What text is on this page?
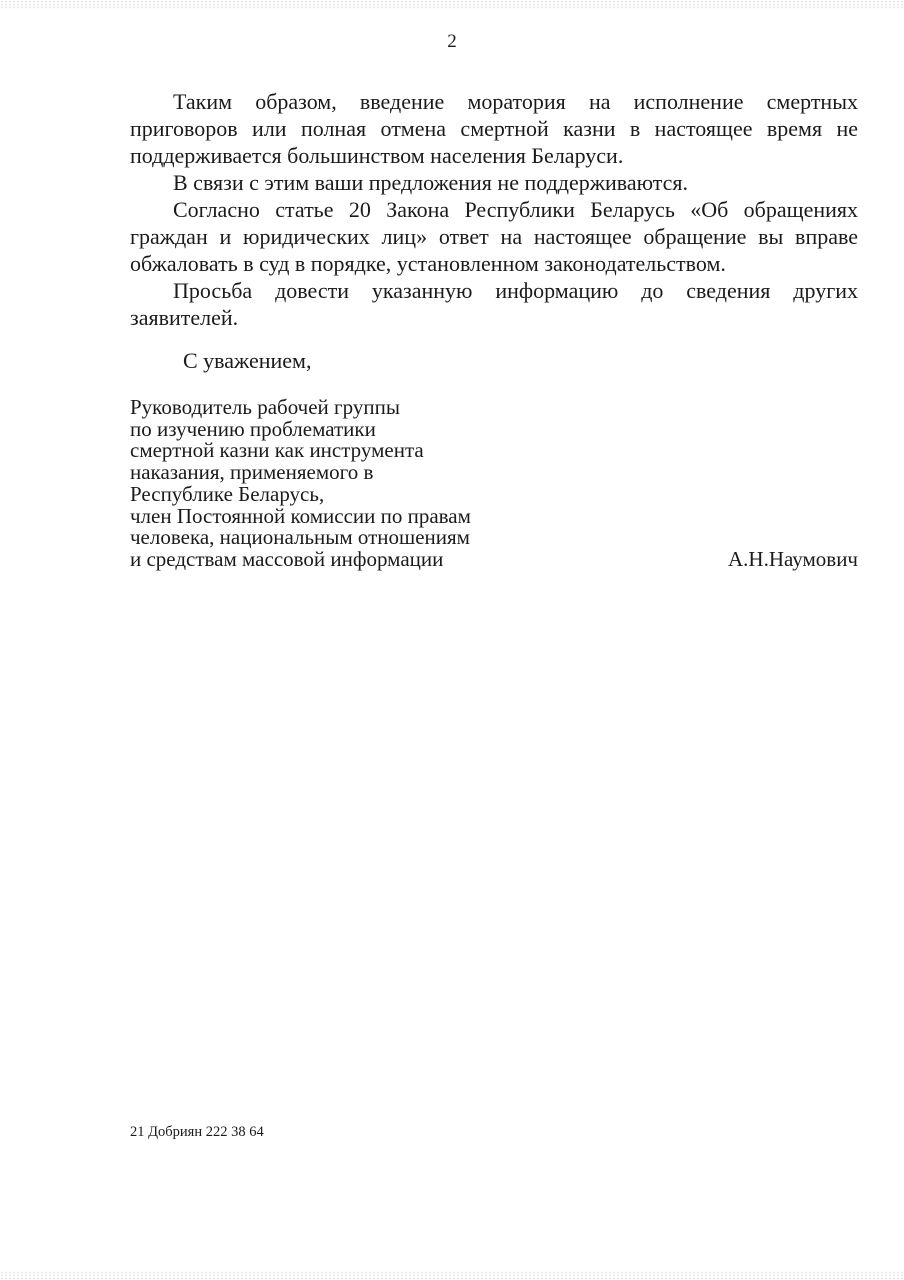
2
Таким образом, введение моратория на исполнение смертных
приговоров или полная отмена смертной казни в настоящее время не
поддерживается большинством населения Беларуси.
В связи с этим ваши предложения не поддерживаются.
Согласно статье 20 Закона Республики Беларусь «Об обращениях
граждан и юридических лиц» ответ на настоящее обращение вы вправе
обжаловать в суд в порядке, установленном законодательством.
Просьба довести указанную информацию до сведения других
заявителей.
С уважением,
Руководитель рабочей группы
по изучению проблематики
смертной казни как инструмента
наказания, применяемого в
Республике Беларусь,
член Постоянной комиссии по правам
человека, национальным отношениям
и средствам массовой информации	А.Н.Наумович
21 Добриян 222 38 64
